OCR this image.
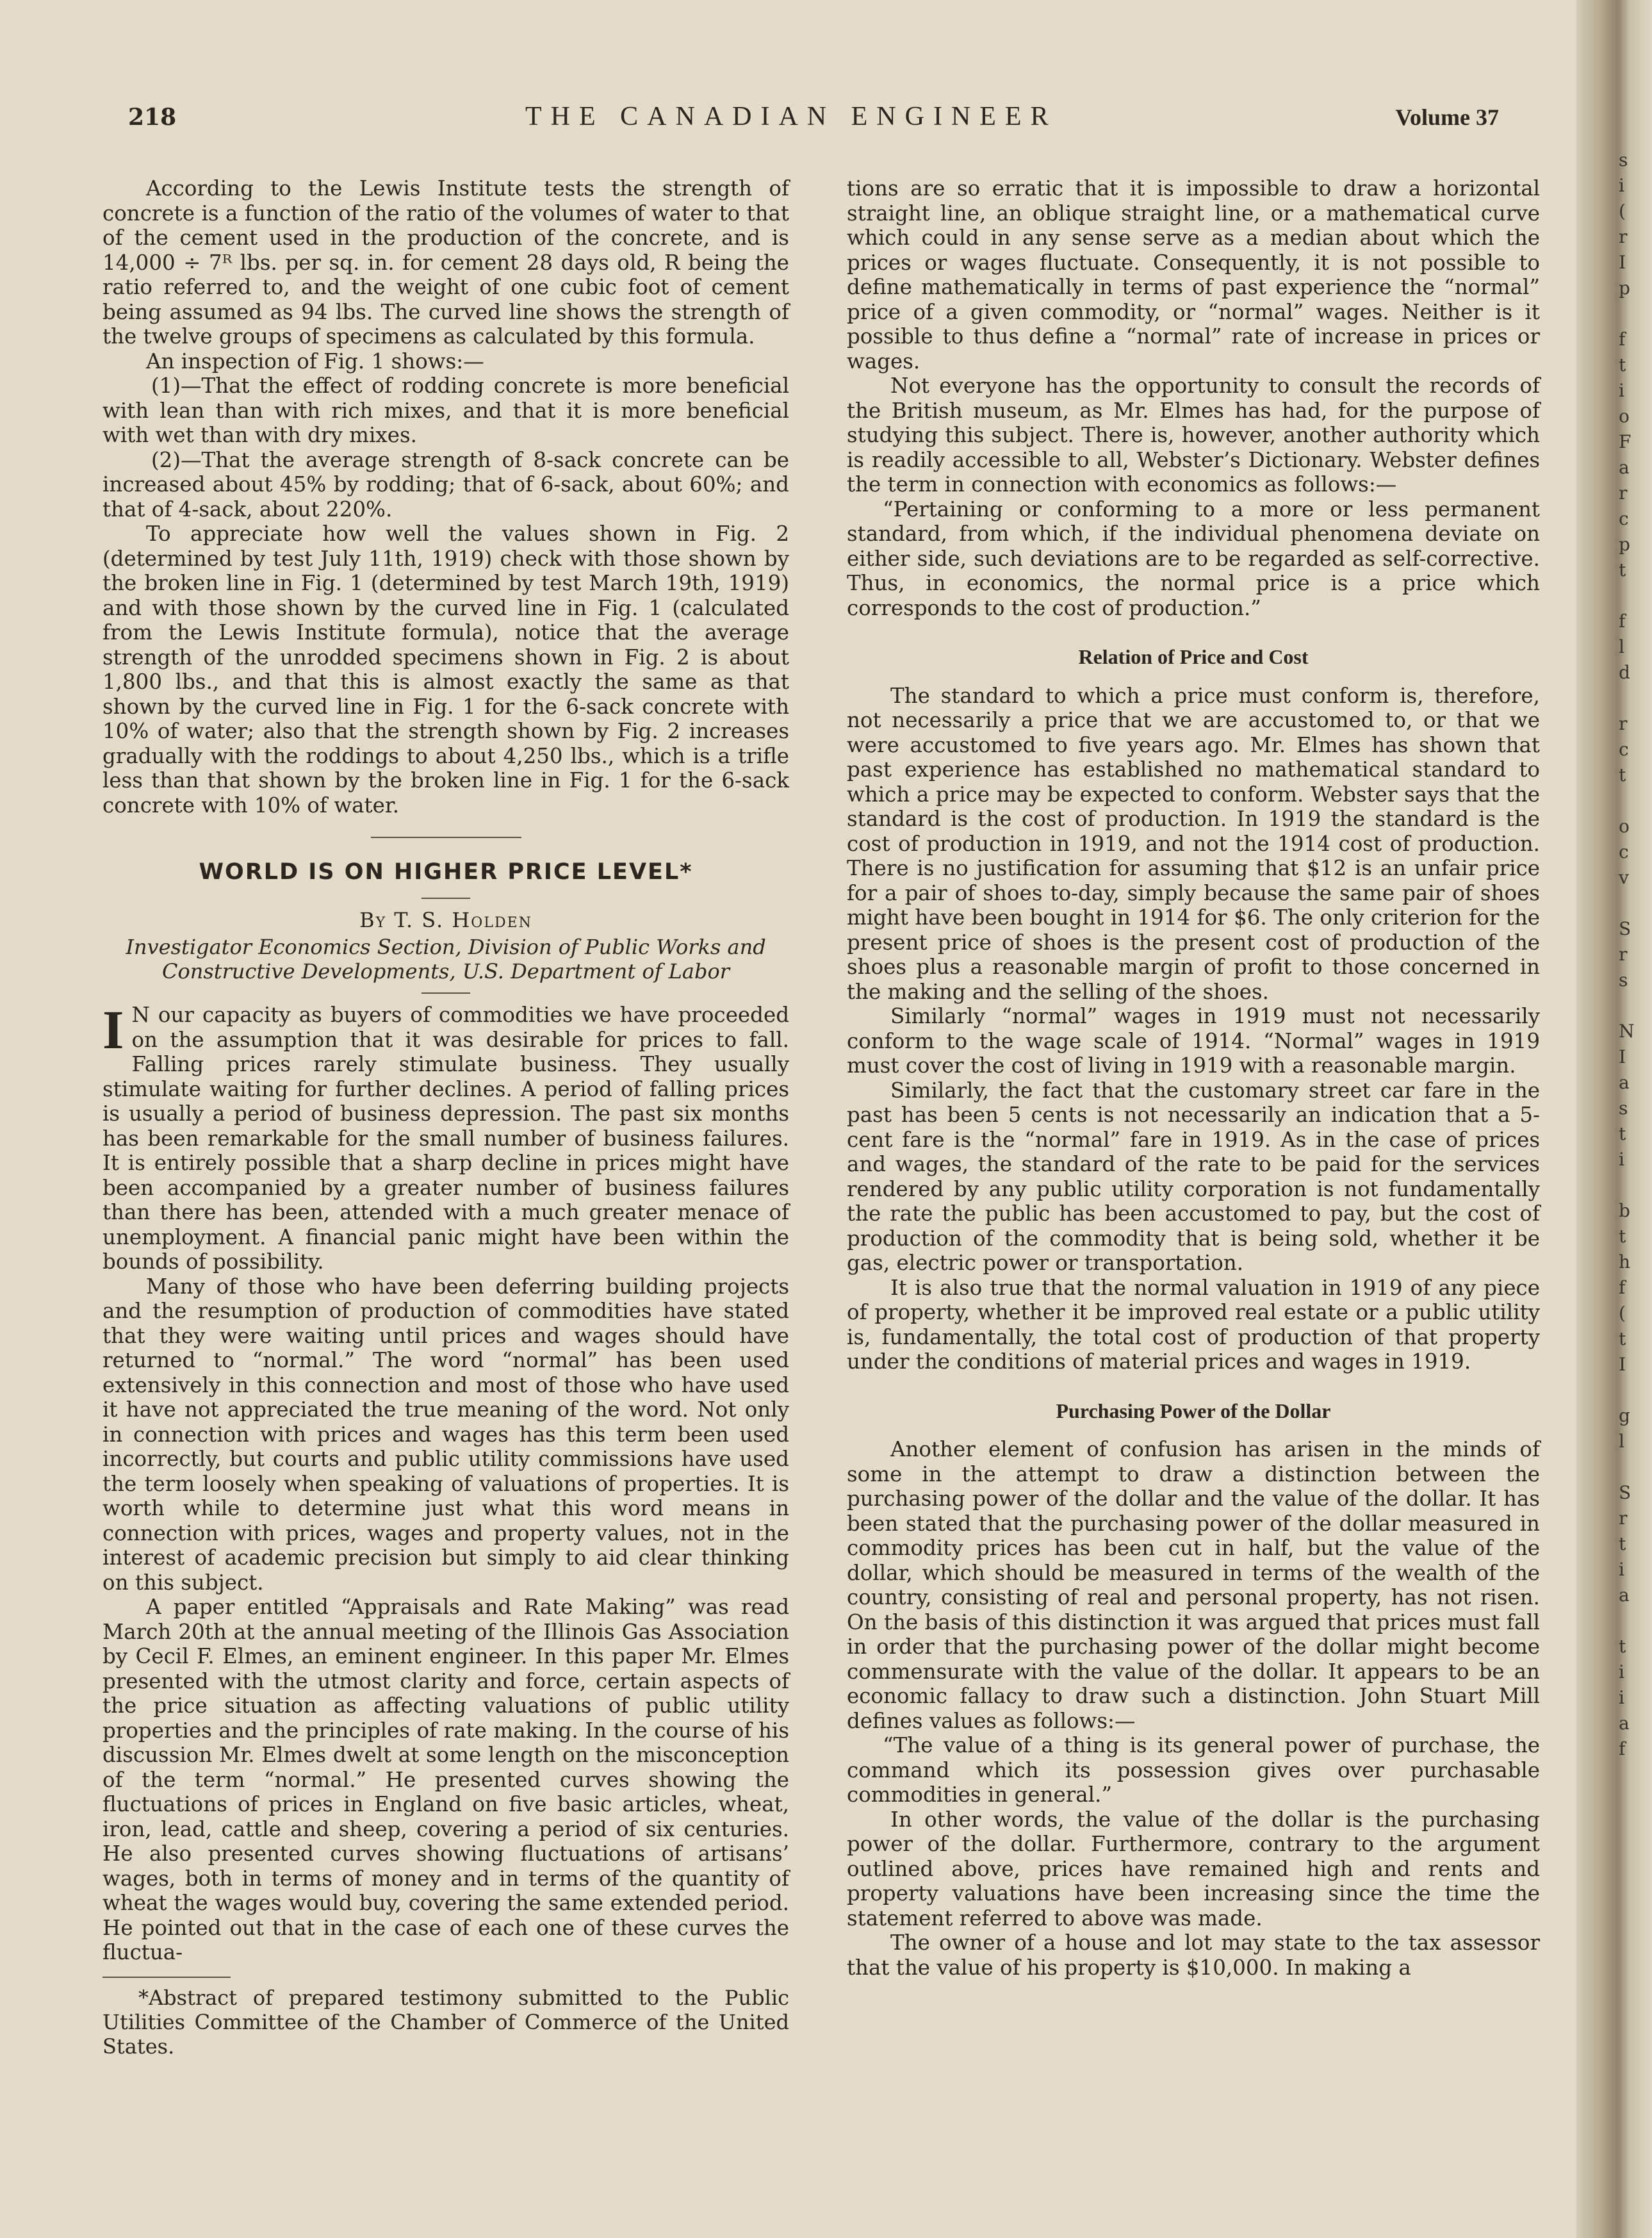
218	THE CANADIAN ENGINEER	Volume 37

According to the Lewis Institute tests the strength of concrete is a function of the ratio of the volumes of water to that of the cement used in the production of the concrete, and is 14,000 ÷ 7ᴿ lbs. per sq. in. for cement 28 days old, R being the ratio referred to, and the weight of one cubic foot of cement being assumed as 94 lbs. The curved line shows the strength of the twelve groups of specimens as calculated by this formula.

An inspection of Fig. 1 shows:—

(1)—That the effect of rodding concrete is more beneficial with lean than with rich mixes, and that it is more beneficial with wet than with dry mixes.

(2)—That the average strength of 8-sack concrete can be increased about 45% by rodding; that of 6-sack, about 60%; and that of 4-sack, about 220%.

To appreciate how well the values shown in Fig. 2 (determined by test July 11th, 1919) check with those shown by the broken line in Fig. 1 (determined by test March 19th, 1919) and with those shown by the curved line in Fig. 1 (calculated from the Lewis Institute formula), notice that the average strength of the unrodded specimens shown in Fig. 2 is about 1,800 lbs., and that this is almost exactly the same as that shown by the curved line in Fig. 1 for the 6-sack concrete with 10% of water; also that the strength shown by Fig. 2 increases gradually with the roddings to about 4,250 lbs., which is a trifle less than that shown by the broken line in Fig. 1 for the 6-sack concrete with 10% of water.

WORLD IS ON HIGHER PRICE LEVEL*
By T. S. Holden
Investigator Economics Section, Division of Public Works and Constructive Developments, U.S. Department of Labor

I N our capacity as buyers of commodities we have proceeded on the assumption that it was desirable for prices to fall. Falling prices rarely stimulate business. They usually stimulate waiting for further declines. A period of falling prices is usually a period of business depression. The past six months has been remarkable for the small number of business failures. It is entirely possible that a sharp decline in prices might have been accompanied by a greater number of business failures than there has been, attended with a much greater menace of unemployment. A financial panic might have been within the bounds of possibility.

Many of those who have been deferring building projects and the resumption of production of commodities have stated that they were waiting until prices and wages should have returned to “normal.” The word “normal” has been used extensively in this connection and most of those who have used it have not appreciated the true meaning of the word. Not only in connection with prices and wages has this term been used incorrectly, but courts and public utility commissions have used the term loosely when speaking of valuations of properties. It is worth while to determine just what this word means in connection with prices, wages and property values, not in the interest of academic precision but simply to aid clear thinking on this subject.

A paper entitled “Appraisals and Rate Making” was read March 20th at the annual meeting of the Illinois Gas Association by Cecil F. Elmes, an eminent engineer. In this paper Mr. Elmes presented with the utmost clarity and force, certain aspects of the price situation as affecting valuations of public utility properties and the principles of rate making. In the course of his discussion Mr. Elmes dwelt at some length on the misconception of the term “normal.” He presented curves showing the fluctuations of prices in England on five basic articles, wheat, iron, lead, cattle and sheep, covering a period of six centuries. He also presented curves showing fluctuations of artisans’ wages, both in terms of money and in terms of the quantity of wheat the wages would buy, covering the same extended period. He pointed out that in the case of each one of these curves the fluctua-

*Abstract of prepared testimony submitted to the Public Utilities Committee of the Chamber of Commerce of the United States.

tions are so erratic that it is impossible to draw a horizontal straight line, an oblique straight line, or a mathematical curve which could in any sense serve as a median about which the prices or wages fluctuate. Consequently, it is not possible to define mathematically in terms of past experience the “normal” price of a given commodity, or “normal” wages. Neither is it possible to thus define a “normal” rate of increase in prices or wages.

Not everyone has the opportunity to consult the records of the British museum, as Mr. Elmes has had, for the purpose of studying this subject. There is, however, another authority which is readily accessible to all, Webster’s Dictionary. Webster defines the term in connection with economics as follows:—

“Pertaining or conforming to a more or less permanent standard, from which, if the individual phenomena deviate on either side, such deviations are to be regarded as self-corrective. Thus, in economics, the normal price is a price which corresponds to the cost of production.”

Relation of Price and Cost

The standard to which a price must conform is, therefore, not necessarily a price that we are accustomed to, or that we were accustomed to five years ago. Mr. Elmes has shown that past experience has established no mathematical standard to which a price may be expected to conform. Webster says that the standard is the cost of production. In 1919 the standard is the cost of production in 1919, and not the 1914 cost of production. There is no justification for assuming that $12 is an unfair price for a pair of shoes to-day, simply because the same pair of shoes might have been bought in 1914 for $6. The only criterion for the present price of shoes is the present cost of production of the shoes plus a reasonable margin of profit to those concerned in the making and the selling of the shoes.

Similarly “normal” wages in 1919 must not necessarily conform to the wage scale of 1914. “Normal” wages in 1919 must cover the cost of living in 1919 with a reasonable margin.

Similarly, the fact that the customary street car fare in the past has been 5 cents is not necessarily an indication that a 5-cent fare is the “normal” fare in 1919. As in the case of prices and wages, the standard of the rate to be paid for the services rendered by any public utility corporation is not fundamentally the rate the public has been accustomed to pay, but the cost of production of the commodity that is being sold, whether it be gas, electric power or transportation.

It is also true that the normal valuation in 1919 of any piece of property, whether it be improved real estate or a public utility is, fundamentally, the total cost of production of that property under the conditions of material prices and wages in 1919.

Purchasing Power of the Dollar

Another element of confusion has arisen in the minds of some in the attempt to draw a distinction between the purchasing power of the dollar and the value of the dollar. It has been stated that the purchasing power of the dollar measured in commodity prices has been cut in half, but the value of the dollar, which should be measured in terms of the wealth of the country, consisting of real and personal property, has not risen. On the basis of this distinction it was argued that prices must fall in order that the purchasing power of the dollar might become commensurate with the value of the dollar. It appears to be an economic fallacy to draw such a distinction. John Stuart Mill defines values as follows:—

“The value of a thing is its general power of purchase, the command which its possession gives over purchasable commodities in general.”

In other words, the value of the dollar is the purchasing power of the dollar. Furthermore, contrary to the argument outlined above, prices have remained high and rents and property valuations have been increasing since the time the statement referred to above was made.

The owner of a house and lot may state to the tax assessor that the value of his property is $10,000. In making a

s
i
(
r
I
p
f
t
i
o
F
a
r
c
p
t
f
l
d
r
c
t
o
c
v
S
r
s
N
I
a
s
t
i
b
t
h
f
(
t
I
g
l
S
r
t
i
a
t
i
i
a
f
